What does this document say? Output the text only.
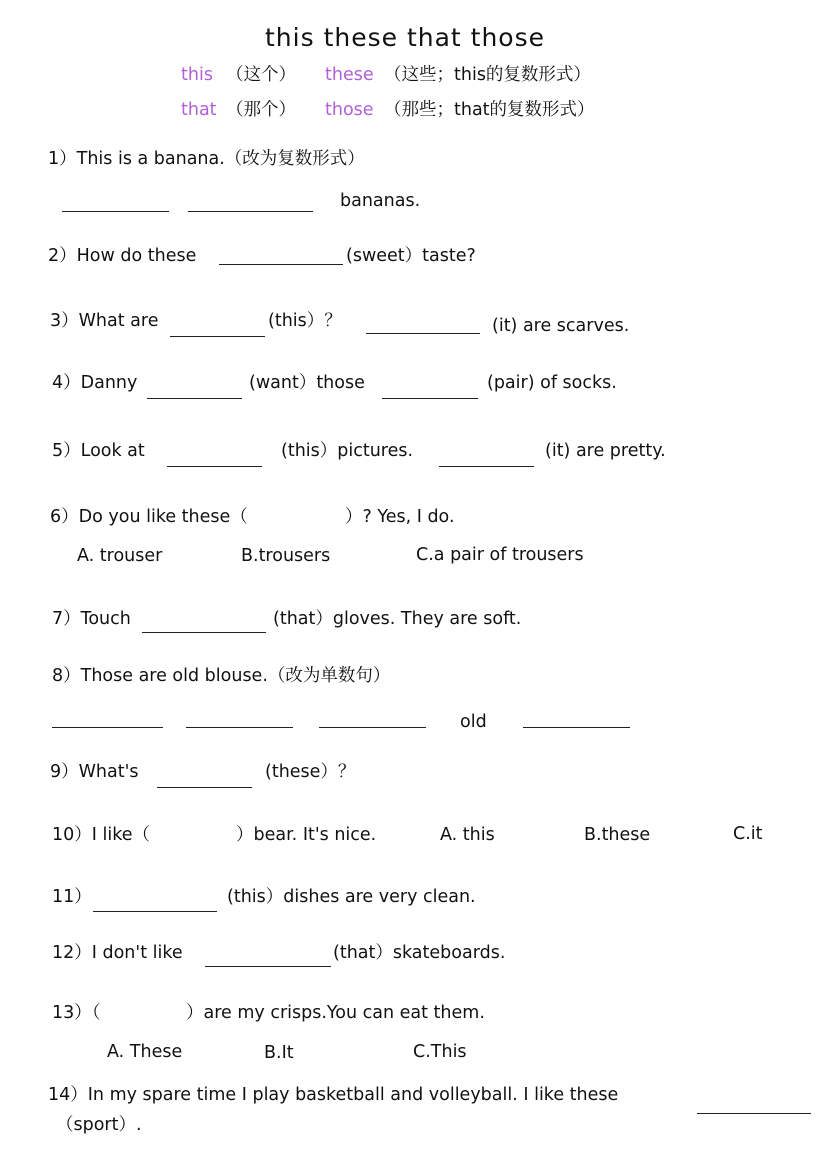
this these that those
this （这个） these （这些；this的复数形式）
that （那个） those （那些；that的复数形式）
1）This is a banana.（改为复数形式）
bananas.
2）How do these	(sweet）taste?
3）What are	(this）？	(it) are scarves.
4）Danny	(want）those	(pair) of socks.
5）Look at	(this）pictures.	(it) are pretty.
6）Do you like these（	）? Yes, I do.
A. trouser	B.trousers	C.a pair of trousers
7）Touch	(that）gloves. They are soft.
8）Those are old blouse.（改为单数句）
old
9）What's	(these）？
10）I like（	）bear. It's nice.	A. this	B.these	C.it
11）	(this）dishes are very clean.
12）I don't like	(that）skateboards.
13）（	）are my crisps.You can eat them.
A. These	B.It	C.This
14）In my spare time I play basketball and volleyball. I like these
（sport）.
